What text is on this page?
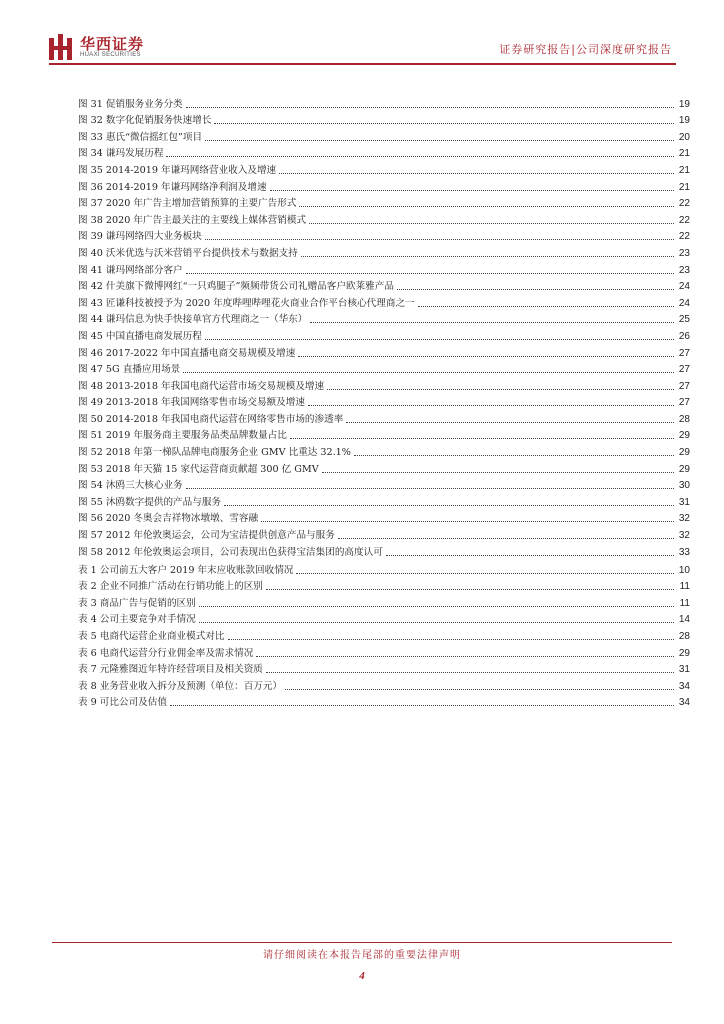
华西证券
HUAXI SECURITIES	证券研究报告|公司深度研究报告
图 31 促销服务业务分类	19
图 32 数字化促销服务快速增长	19
图 33 惠氏“微信摇红包”项目	20
图 34 谦玛发展历程	21
图 35 2014-2019 年谦玛网络营业收入及增速	21
图 36 2014-2019 年谦玛网络净利润及增速	21
图 37 2020 年广告主增加营销预算的主要广告形式	22
图 38 2020 年广告主最关注的主要线上媒体营销模式	22
图 39 谦玛网络四大业务板块	22
图 40 沃米优选与沃米营销平台提供技术与数据支持	23
图 41 谦玛网络部分客户	23
图 42 什美旗下微博网红“一只鸡腿子”频频带货公司礼赠品客户欧莱雅产品	24
图 43 匠谦科技被授予为 2020 年度哔哩哔哩花火商业合作平台核心代理商之一	24
图 44 谦玛信息为快手快接单官方代理商之一（华东）	25
图 45 中国直播电商发展历程	26
图 46 2017-2022 年中国直播电商交易规模及增速	27
图 47 5G 直播应用场景	27
图 48 2013-2018 年我国电商代运营市场交易规模及增速	27
图 49 2013-2018 年我国网络零售市场交易额及增速	27
图 50 2014-2018 年我国电商代运营在网络零售市场的渗透率	28
图 51 2019 年服务商主要服务品类品牌数量占比	29
图 52 2018 年第一梯队品牌电商服务企业 GMV 比重达 32.1%	29
图 53 2018 年天猫 15 家代运营商贡献超 300 亿 GMV	29
图 54 沐鸥三大核心业务	30
图 55 沐鸥数字提供的产品与服务	31
图 56 2020 冬奥会吉祥物冰墩墩、雪容融	32
图 57 2012 年伦敦奥运会，公司为宝洁提供创意产品与服务	32
图 58 2012 年伦敦奥运会项目，公司表现出色获得宝洁集团的高度认可	33
表 1 公司前五大客户 2019 年末应收账款回收情况	10
表 2 企业不同推广活动在行销功能上的区别	11
表 3 商品广告与促销的区别	11
表 4 公司主要竞争对手情况	14
表 5 电商代运营企业商业模式对比	28
表 6 电商代运营分行业佣金率及需求情况	29
表 7 元隆雅图近年特许经营项目及相关资质	31
表 8 业务营业收入拆分及预测（单位：百万元）	34
表 9 可比公司及估值	34
请仔细阅读在本报告尾部的重要法律声明
4
